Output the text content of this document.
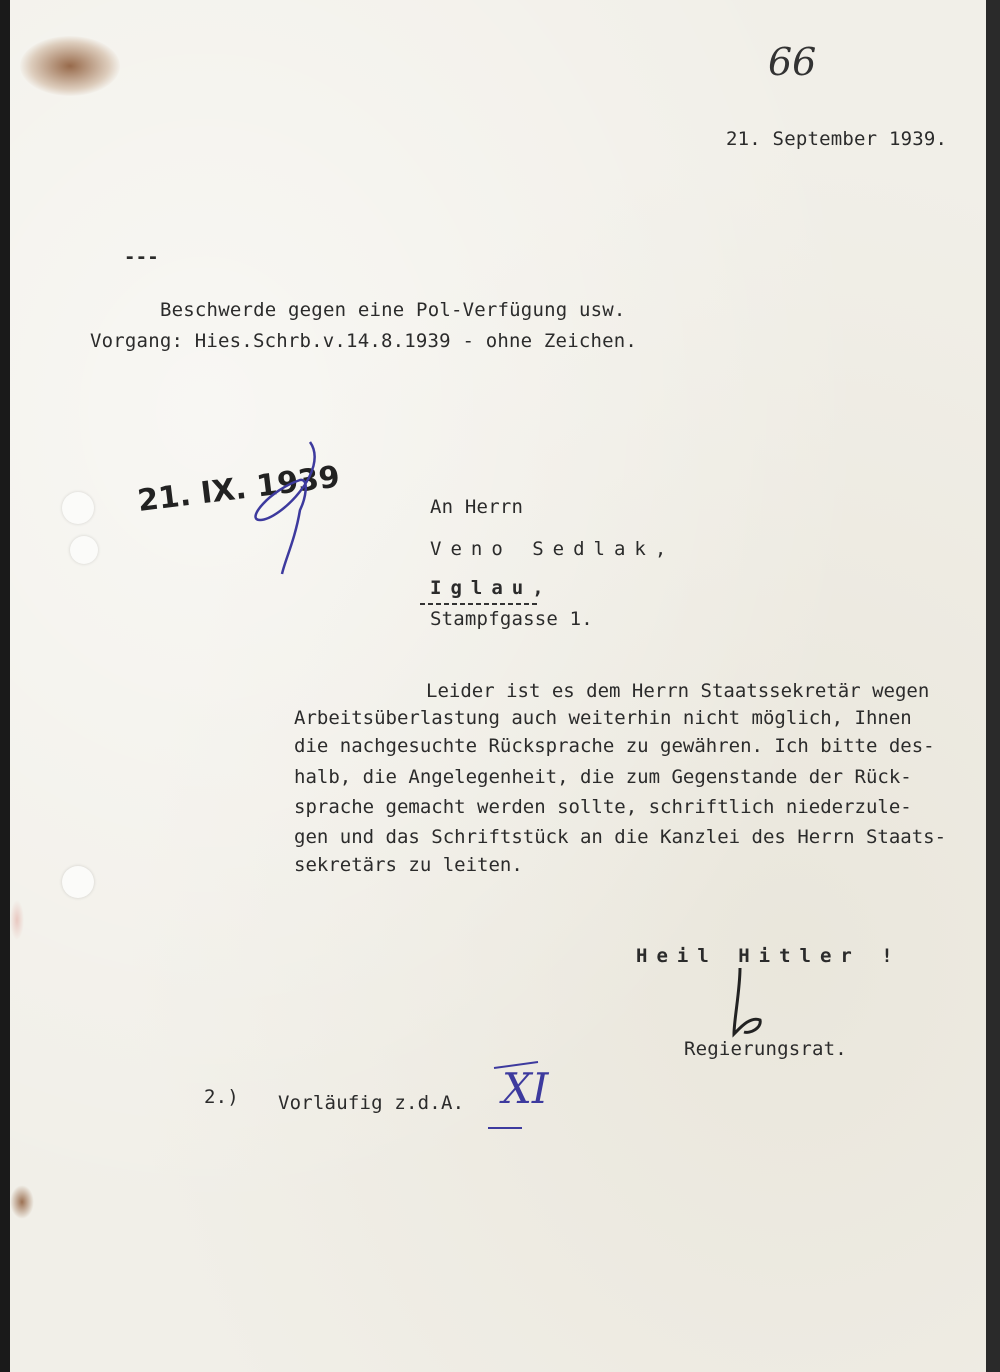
66
21. September 1939.
---
Beschwerde gegen eine Pol-Verfügung usw.
Vorgang: Hies.Schrb.v.14.8.1939 - ohne Zeichen.
21. IX. 1939	An Herrn
Veno Sedlak,
Iglau,
Stampfgasse 1.
Leider ist es dem Herrn Staatssekretär wegen
Arbeitsüberlastung auch weiterhin nicht möglich, Ihnen
die nachgesuchte Rücksprache zu gewähren. Ich bitte des-
halb, die Angelegenheit, die zum Gegenstande der Rück-
sprache gemacht werden sollte, schriftlich niederzule-
gen und das Schriftstück an die Kanzlei des Herrn Staats-
sekretärs zu leiten.
Heil Hitler !
Regierungsrat.
2.) Vorläufig z.d.A. XI
